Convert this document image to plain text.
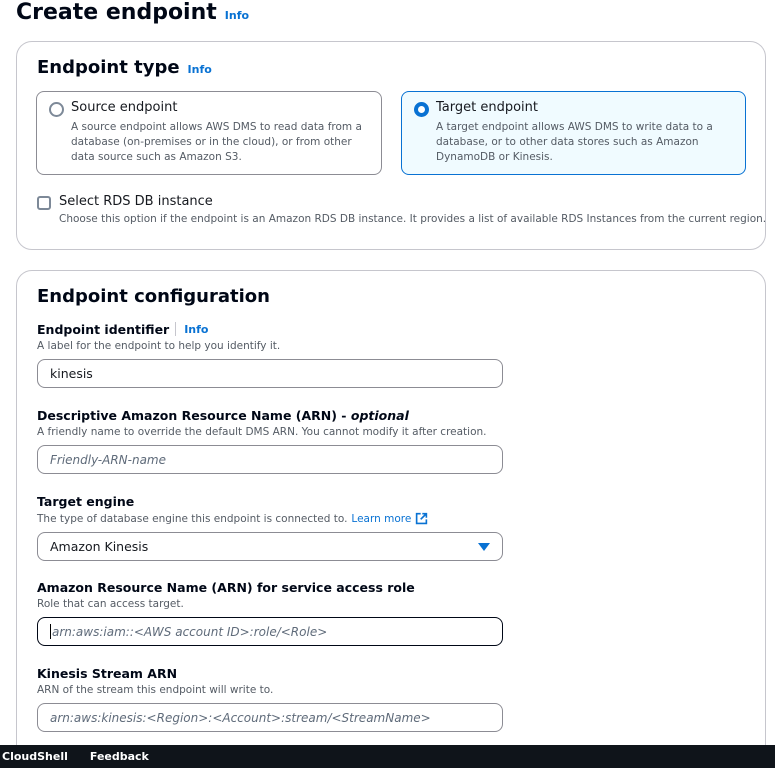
Create endpoint Info
Endpoint type Info
Source endpoint
A source endpoint allows AWS DMS to read data from a database (on-premises or in the cloud), or from other data source such as Amazon S3.
Target endpoint
A target endpoint allows AWS DMS to write data to a database, or to other data stores such as Amazon DynamoDB or Kinesis.
Select RDS DB instance
Choose this option if the endpoint is an Amazon RDS DB instance. It provides a list of available RDS Instances from the current region.
Endpoint configuration
Endpoint identifier Info
A label for the endpoint to help you identify it.
kinesis
Descriptive Amazon Resource Name (ARN) - optional
A friendly name to override the default DMS ARN. You cannot modify it after creation.
Friendly-ARN-name
Target engine
The type of database engine this endpoint is connected to. Learn more
Amazon Kinesis
Amazon Resource Name (ARN) for service access role
Role that can access target.
arn:aws:iam::<AWS account ID>:role/<Role>
Kinesis Stream ARN
ARN of the stream this endpoint will write to.
arn:aws:kinesis:<Region>:<Account>:stream/<StreamName>
CloudShell Feedback
